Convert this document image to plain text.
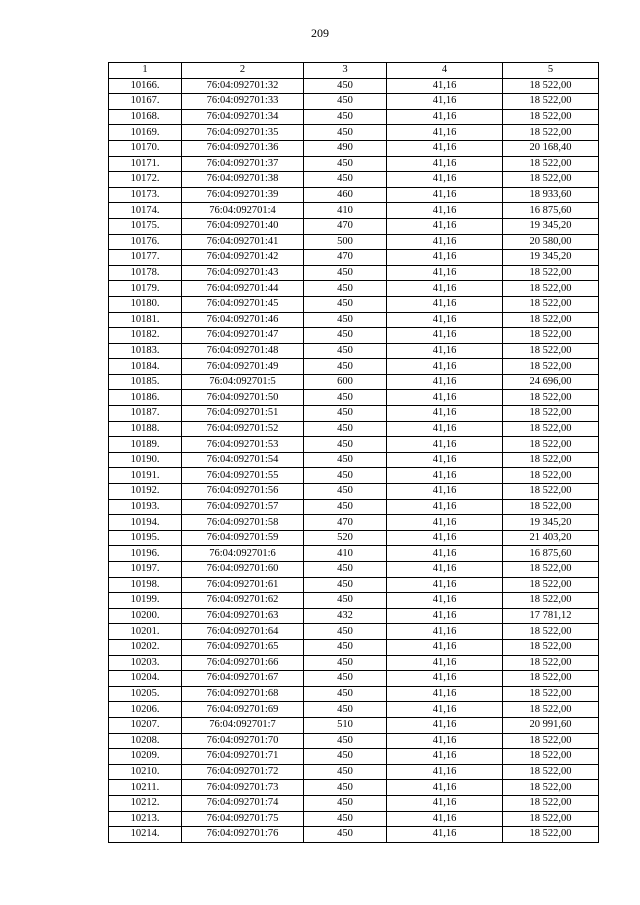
209
1	2	3	4	5
10166.	76:04:092701:32	450	41,16	18 522,00
10167.	76:04:092701:33	450	41,16	18 522,00
10168.	76:04:092701:34	450	41,16	18 522,00
10169.	76:04:092701:35	450	41,16	18 522,00
10170.	76:04:092701:36	490	41,16	20 168,40
10171.	76:04:092701:37	450	41,16	18 522,00
10172.	76:04:092701:38	450	41,16	18 522,00
10173.	76:04:092701:39	460	41,16	18 933,60
10174.	76:04:092701:4	410	41,16	16 875,60
10175.	76:04:092701:40	470	41,16	19 345,20
10176.	76:04:092701:41	500	41,16	20 580,00
10177.	76:04:092701:42	470	41,16	19 345,20
10178.	76:04:092701:43	450	41,16	18 522,00
10179.	76:04:092701:44	450	41,16	18 522,00
10180.	76:04:092701:45	450	41,16	18 522,00
10181.	76:04:092701:46	450	41,16	18 522,00
10182.	76:04:092701:47	450	41,16	18 522,00
10183.	76:04:092701:48	450	41,16	18 522,00
10184.	76:04:092701:49	450	41,16	18 522,00
10185.	76:04:092701:5	600	41,16	24 696,00
10186.	76:04:092701:50	450	41,16	18 522,00
10187.	76:04:092701:51	450	41,16	18 522,00
10188.	76:04:092701:52	450	41,16	18 522,00
10189.	76:04:092701:53	450	41,16	18 522,00
10190.	76:04:092701:54	450	41,16	18 522,00
10191.	76:04:092701:55	450	41,16	18 522,00
10192.	76:04:092701:56	450	41,16	18 522,00
10193.	76:04:092701:57	450	41,16	18 522,00
10194.	76:04:092701:58	470	41,16	19 345,20
10195.	76:04:092701:59	520	41,16	21 403,20
10196.	76:04:092701:6	410	41,16	16 875,60
10197.	76:04:092701:60	450	41,16	18 522,00
10198.	76:04:092701:61	450	41,16	18 522,00
10199.	76:04:092701:62	450	41,16	18 522,00
10200.	76:04:092701:63	432	41,16	17 781,12
10201.	76:04:092701:64	450	41,16	18 522,00
10202.	76:04:092701:65	450	41,16	18 522,00
10203.	76:04:092701:66	450	41,16	18 522,00
10204.	76:04:092701:67	450	41,16	18 522,00
10205.	76:04:092701:68	450	41,16	18 522,00
10206.	76:04:092701:69	450	41,16	18 522,00
10207.	76:04:092701:7	510	41,16	20 991,60
10208.	76:04:092701:70	450	41,16	18 522,00
10209.	76:04:092701:71	450	41,16	18 522,00
10210.	76:04:092701:72	450	41,16	18 522,00
10211.	76:04:092701:73	450	41,16	18 522,00
10212.	76:04:092701:74	450	41,16	18 522,00
10213.	76:04:092701:75	450	41,16	18 522,00
10214.	76:04:092701:76	450	41,16	18 522,00
